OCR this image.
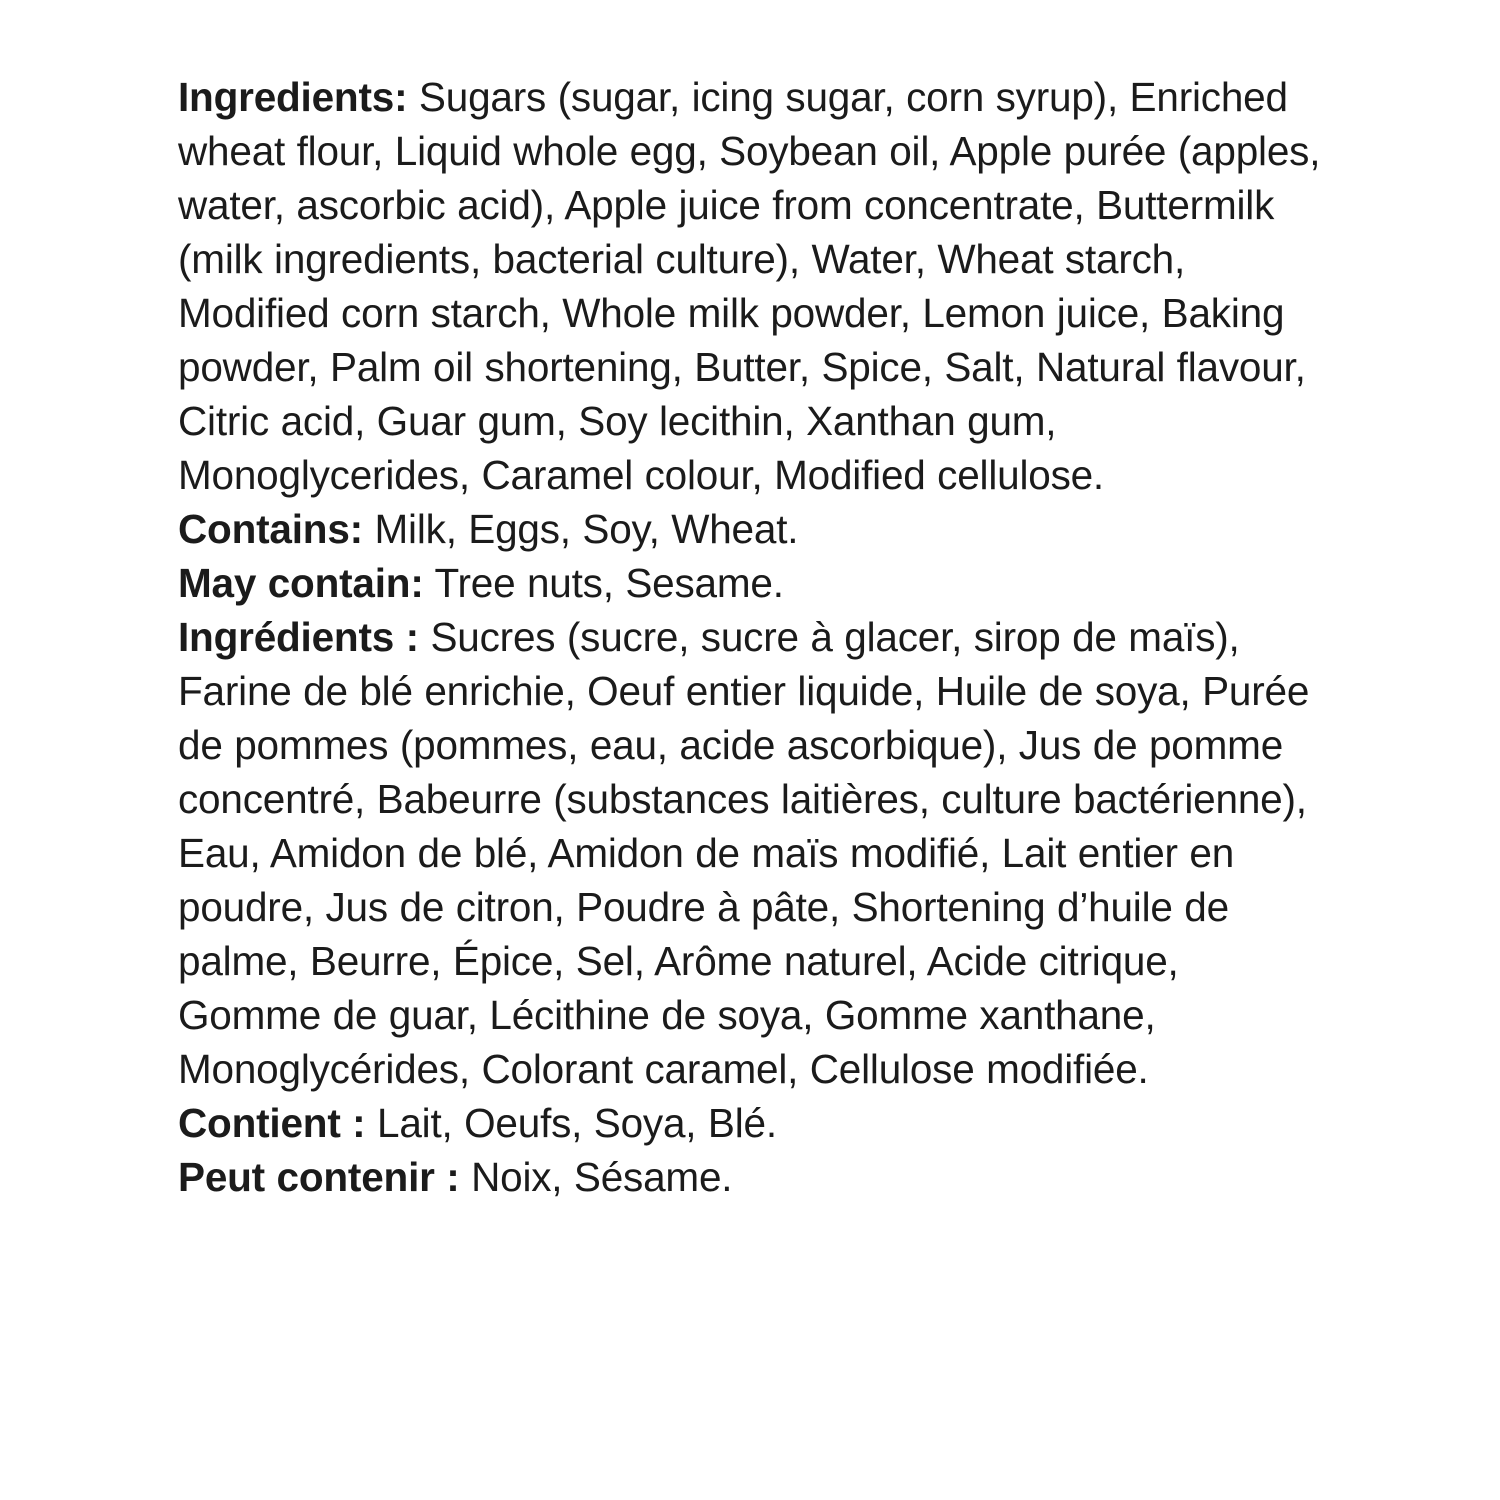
Ingredients: Sugars (sugar, icing sugar, corn syrup), Enriched wheat flour, Liquid whole egg, Soybean oil, Apple purée (apples, water, ascorbic acid), Apple juice from concentrate, Buttermilk (milk ingredients, bacterial culture), Water, Wheat starch, Modified corn starch, Whole milk powder, Lemon juice, Baking powder, Palm oil shortening, Butter, Spice, Salt, Natural flavour, Citric acid, Guar gum, Soy lecithin, Xanthan gum, Monoglycerides, Caramel colour, Modified cellulose.

Contains: Milk, Eggs, Soy, Wheat.

May contain: Tree nuts, Sesame.

Ingrédients : Sucres (sucre, sucre à glacer, sirop de maïs), Farine de blé enrichie, Oeuf entier liquide, Huile de soya, Purée de pommes (pommes, eau, acide ascorbique), Jus de pomme concentré, Babeurre (substances laitières, culture bactérienne), Eau, Amidon de blé, Amidon de maïs modifié, Lait entier en poudre, Jus de citron, Poudre à pâte, Shortening d’huile de palme, Beurre, Épice, Sel, Arôme naturel, Acide citrique, Gomme de guar, Lécithine de soya, Gomme xanthane, Monoglycérides, Colorant caramel, Cellulose modifiée.

Contient : Lait, Oeufs, Soya, Blé.

Peut contenir : Noix, Sésame.
